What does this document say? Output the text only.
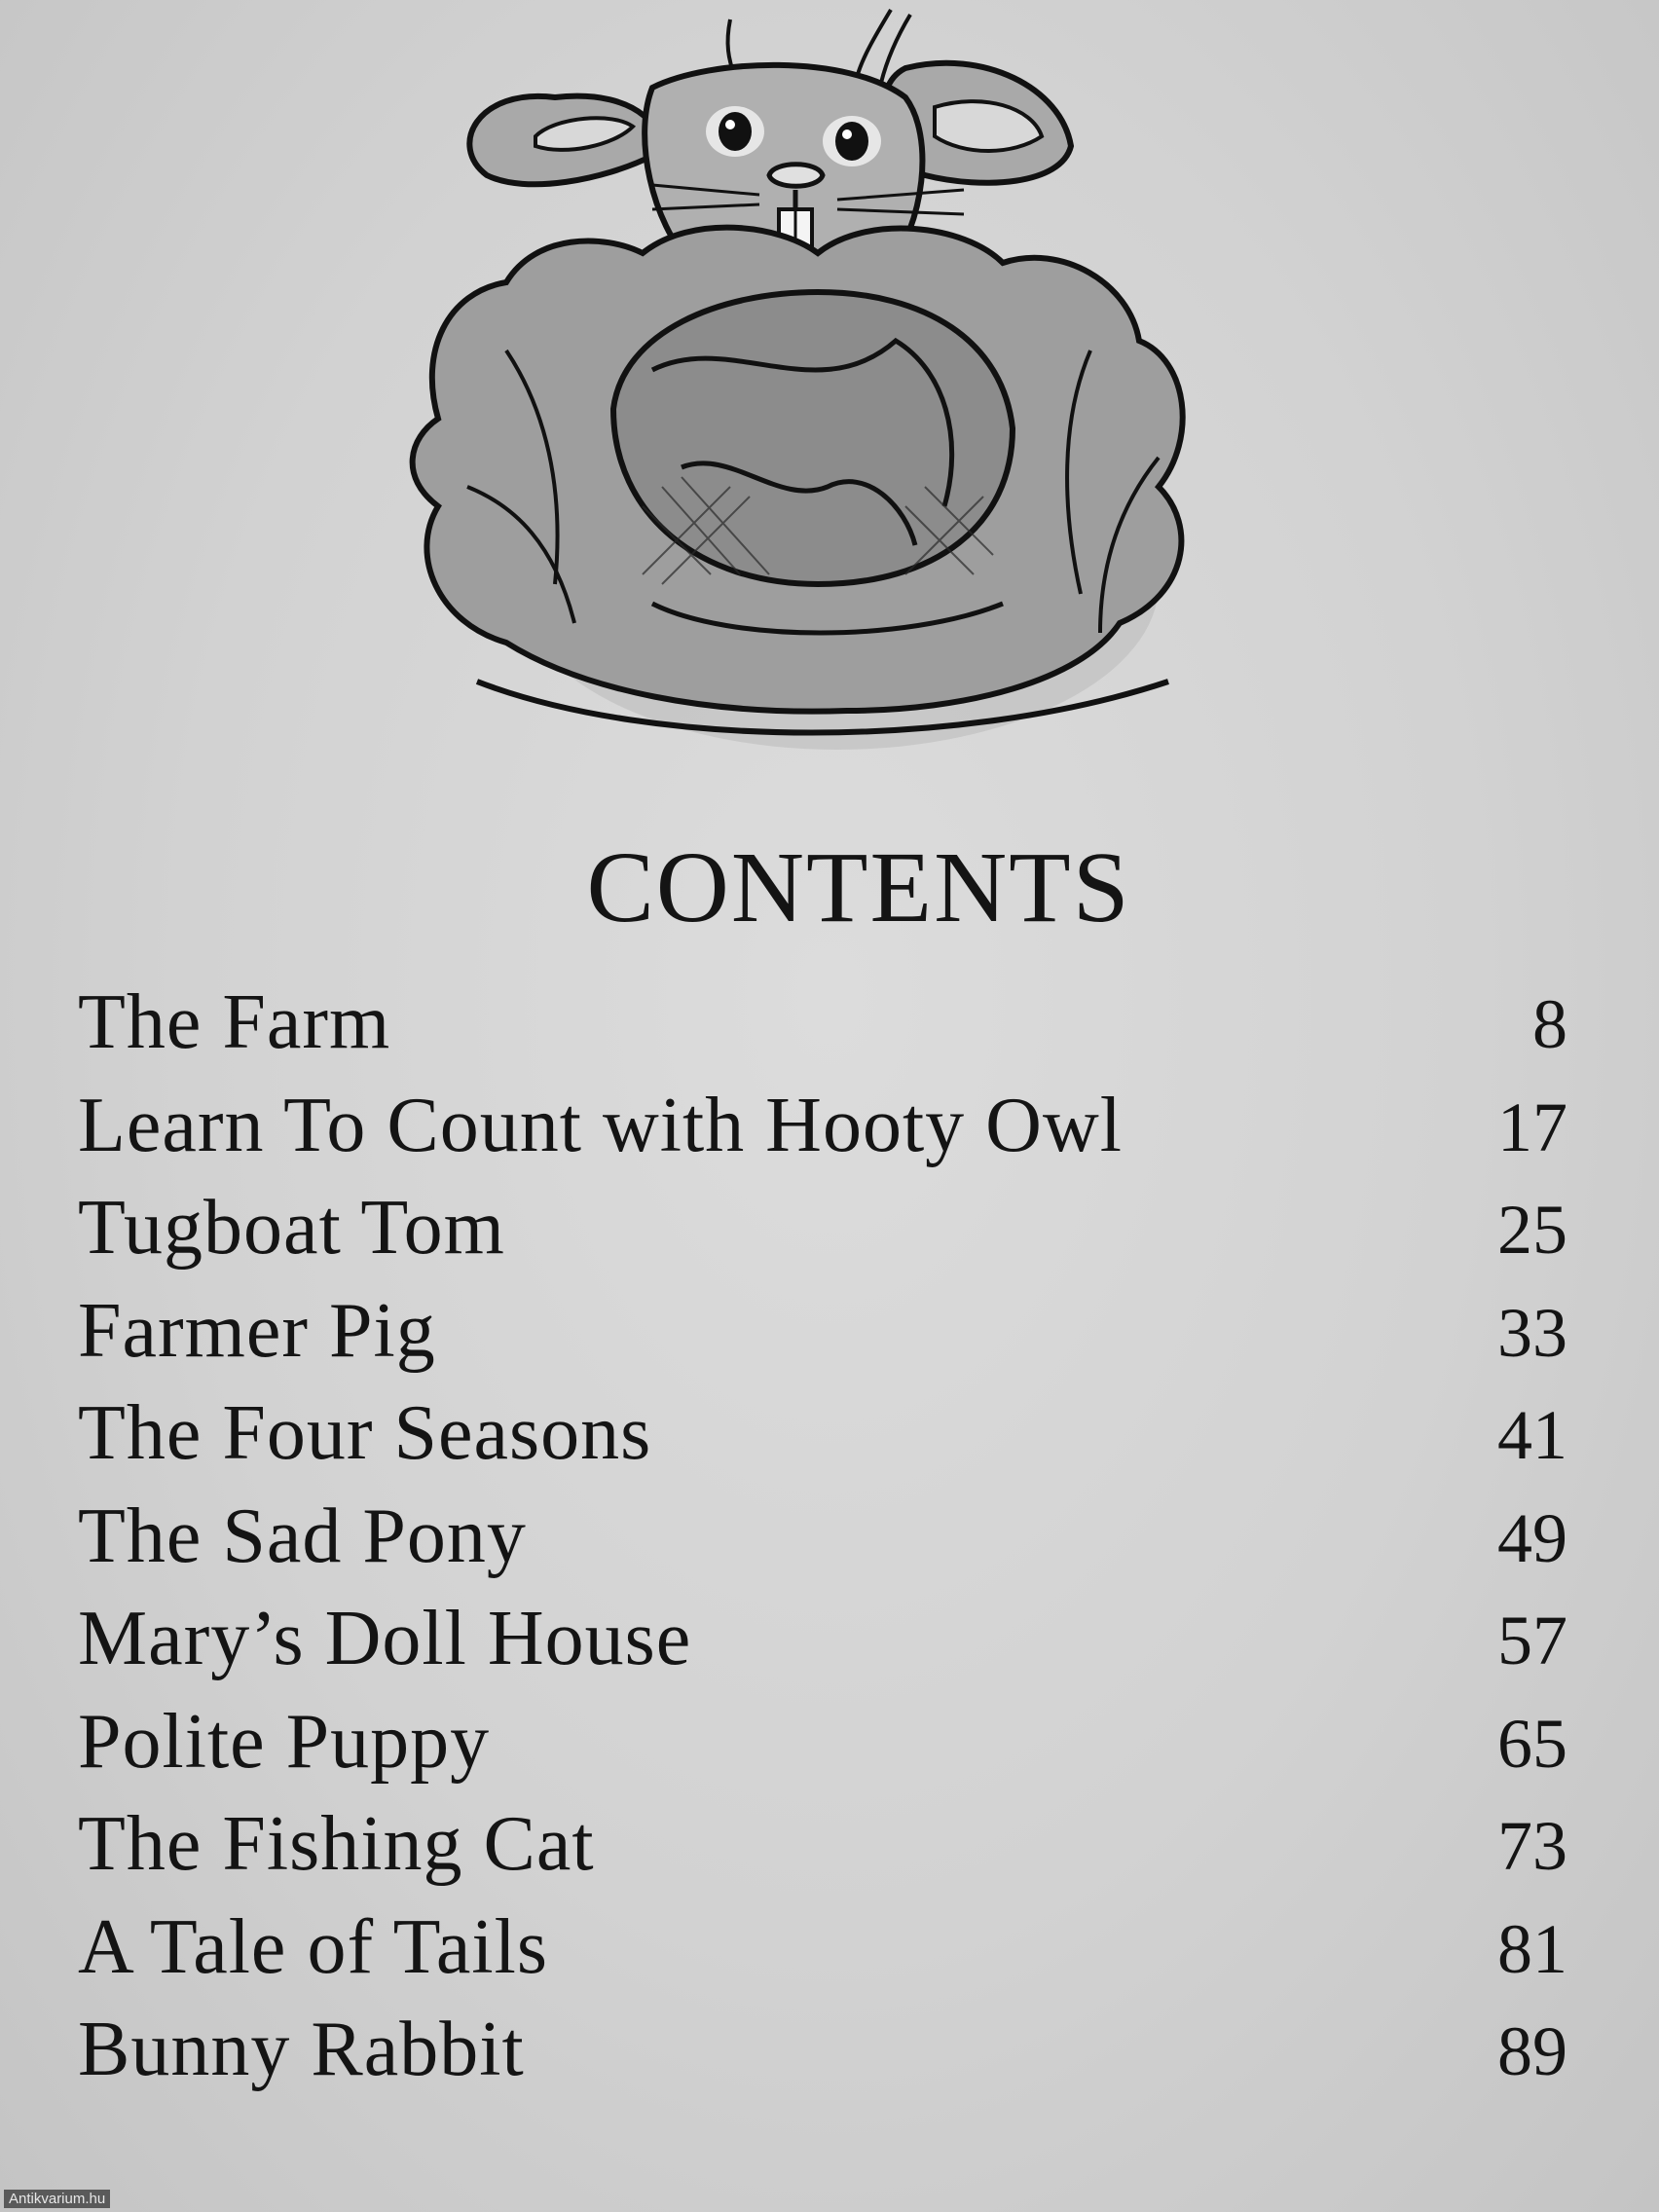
CONTENTS
The Farm	8
Learn To Count with Hooty Owl	17
Tugboat Tom	25
Farmer Pig	33
The Four Seasons	41
The Sad Pony	49
Mary’s Doll House	57
Polite Puppy	65
The Fishing Cat	73
A Tale of Tails	81
Bunny Rabbit	89
Antikvarium.hu
